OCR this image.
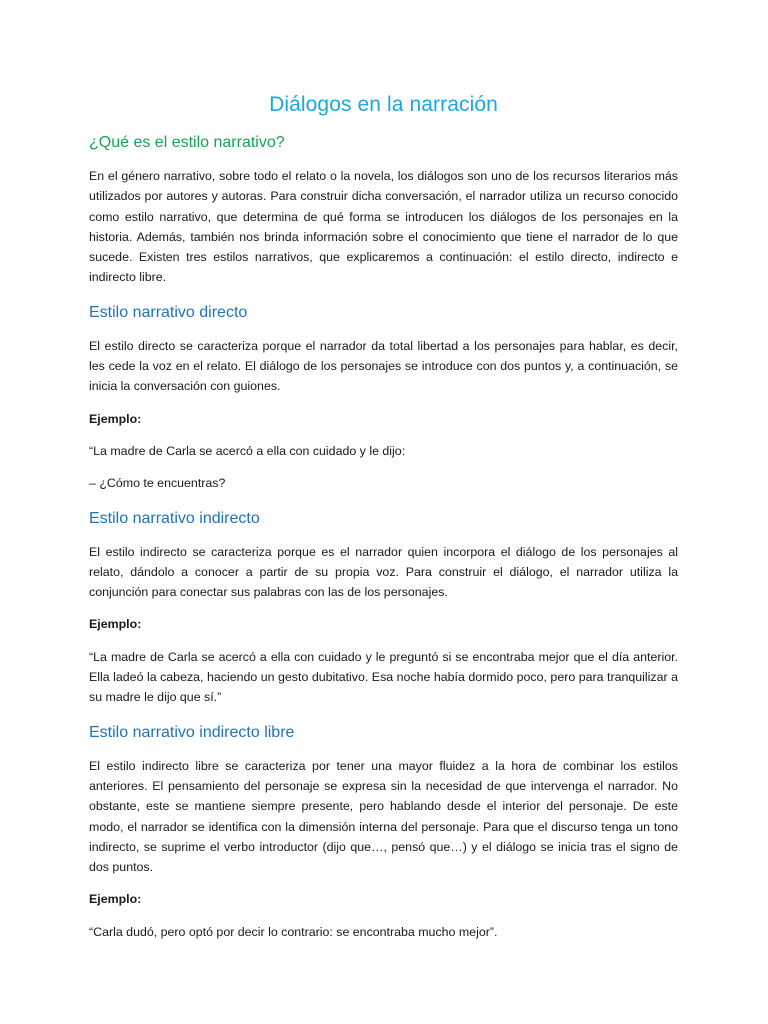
Diálogos en la narración
¿Qué es el estilo narrativo?

En el género narrativo, sobre todo el relato o la novela, los diálogos son uno de los recursos literarios más utilizados por autores y autoras. Para construir dicha conversación, el narrador utiliza un recurso conocido como estilo narrativo, que determina de qué forma se introducen los diálogos de los personajes en la historia. Además, también nos brinda información sobre el conocimiento que tiene el narrador de lo que sucede. Existen tres estilos narrativos, que explicaremos a continuación: el estilo directo, indirecto e indirecto libre.

Estilo narrativo directo

El estilo directo se caracteriza porque el narrador da total libertad a los personajes para hablar, es decir, les cede la voz en el relato. El diálogo de los personajes se introduce con dos puntos y, a continuación, se inicia la conversación con guiones.

Ejemplo:

“La madre de Carla se acercó a ella con cuidado y le dijo:

– ¿Cómo te encuentras?

Estilo narrativo indirecto

El estilo indirecto se caracteriza porque es el narrador quien incorpora el diálogo de los personajes al relato, dándolo a conocer a partir de su propia voz. Para construir el diálogo, el narrador utiliza la conjunción para conectar sus palabras con las de los personajes.

Ejemplo:

“La madre de Carla se acercó a ella con cuidado y le preguntó si se encontraba mejor que el día anterior. Ella ladeó la cabeza, haciendo un gesto dubitativo. Esa noche había dormido poco, pero para tranquilizar a su madre le dijo que sí.”

Estilo narrativo indirecto libre

El estilo indirecto libre se caracteriza por tener una mayor fluidez a la hora de combinar los estilos anteriores. El pensamiento del personaje se expresa sin la necesidad de que intervenga el narrador. No obstante, este se mantiene siempre presente, pero hablando desde el interior del personaje. De este modo, el narrador se identifica con la dimensión interna del personaje. Para que el discurso tenga un tono indirecto, se suprime el verbo introductor (dijo que…, pensó que…) y el diálogo se inicia tras el signo de dos puntos.

Ejemplo:

“Carla dudó, pero optó por decir lo contrario: se encontraba mucho mejor”.
